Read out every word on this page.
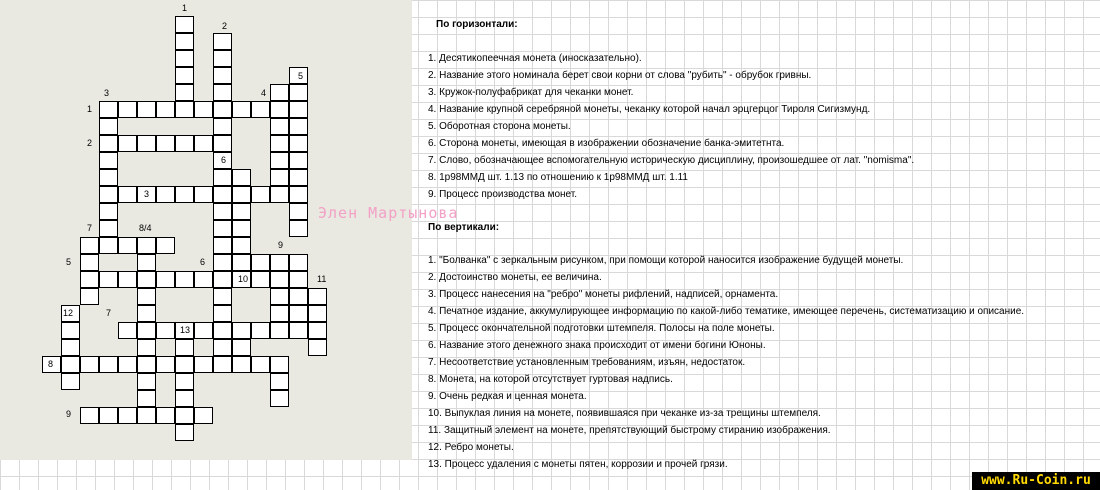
1
2
3	4
5
1
2
6
3
7	8/4
9
5	6
10	11
12	7
13
8
9
Элен Мартынова
По горизонтали:
1. Десятикопеечная монета (иносказательно).
2. Название этого номинала берет свои корни от слова "рубить" - обрубок гривны.
3. Кружок-полуфабрикат для чеканки монет.
4. Название крупной серебряной монеты, чеканку которой начал эрцгерцог Тироля Сигизмунд.
5. Оборотная сторона монеты.
6. Сторона монеты, имеющая в изображении обозначение банка-эмитетнта.
7. Слово, обозначающее вспомогательную историческую дисциплину, произошедшее от лат. "nomisma".
8. 1р98ММД шт. 1.13 по отношению к 1р98ММД шт. 1.11
9. Процесс производства монет.
По вертикали:
1. "Болванка" с зеркальным рисунком, при помощи которой наносится изображение будущей монеты.
2. Достоинство монеты, ее величина.
3. Процесс нанесения на "ребро" монеты рифлений, надписей, орнамента.
4. Печатное издание, аккумулирующее информацию по какой-либо тематике, имеющее перечень, систематизацию и описание.
5. Процесс окончательной подготовки штемпеля. Полосы на поле монеты.
6. Название этого денежного знака происходит от имени богини Юноны.
7. Несоответствие установленным требованиям, изъян, недостаток.
8. Монета, на которой отсутствует гуртовая надпись.
9. Очень редкая и ценная монета.
10. Выпуклая линия на монете, появившаяся при чеканке из-за трещины штемпеля.
11. Защитный элемент на монете, препятствующий быстрому стиранию изображения.
12. Ребро монеты.
13. Процесс удаления с монеты пятен, коррозии и прочей грязи.
www.Ru-Coin.ru
